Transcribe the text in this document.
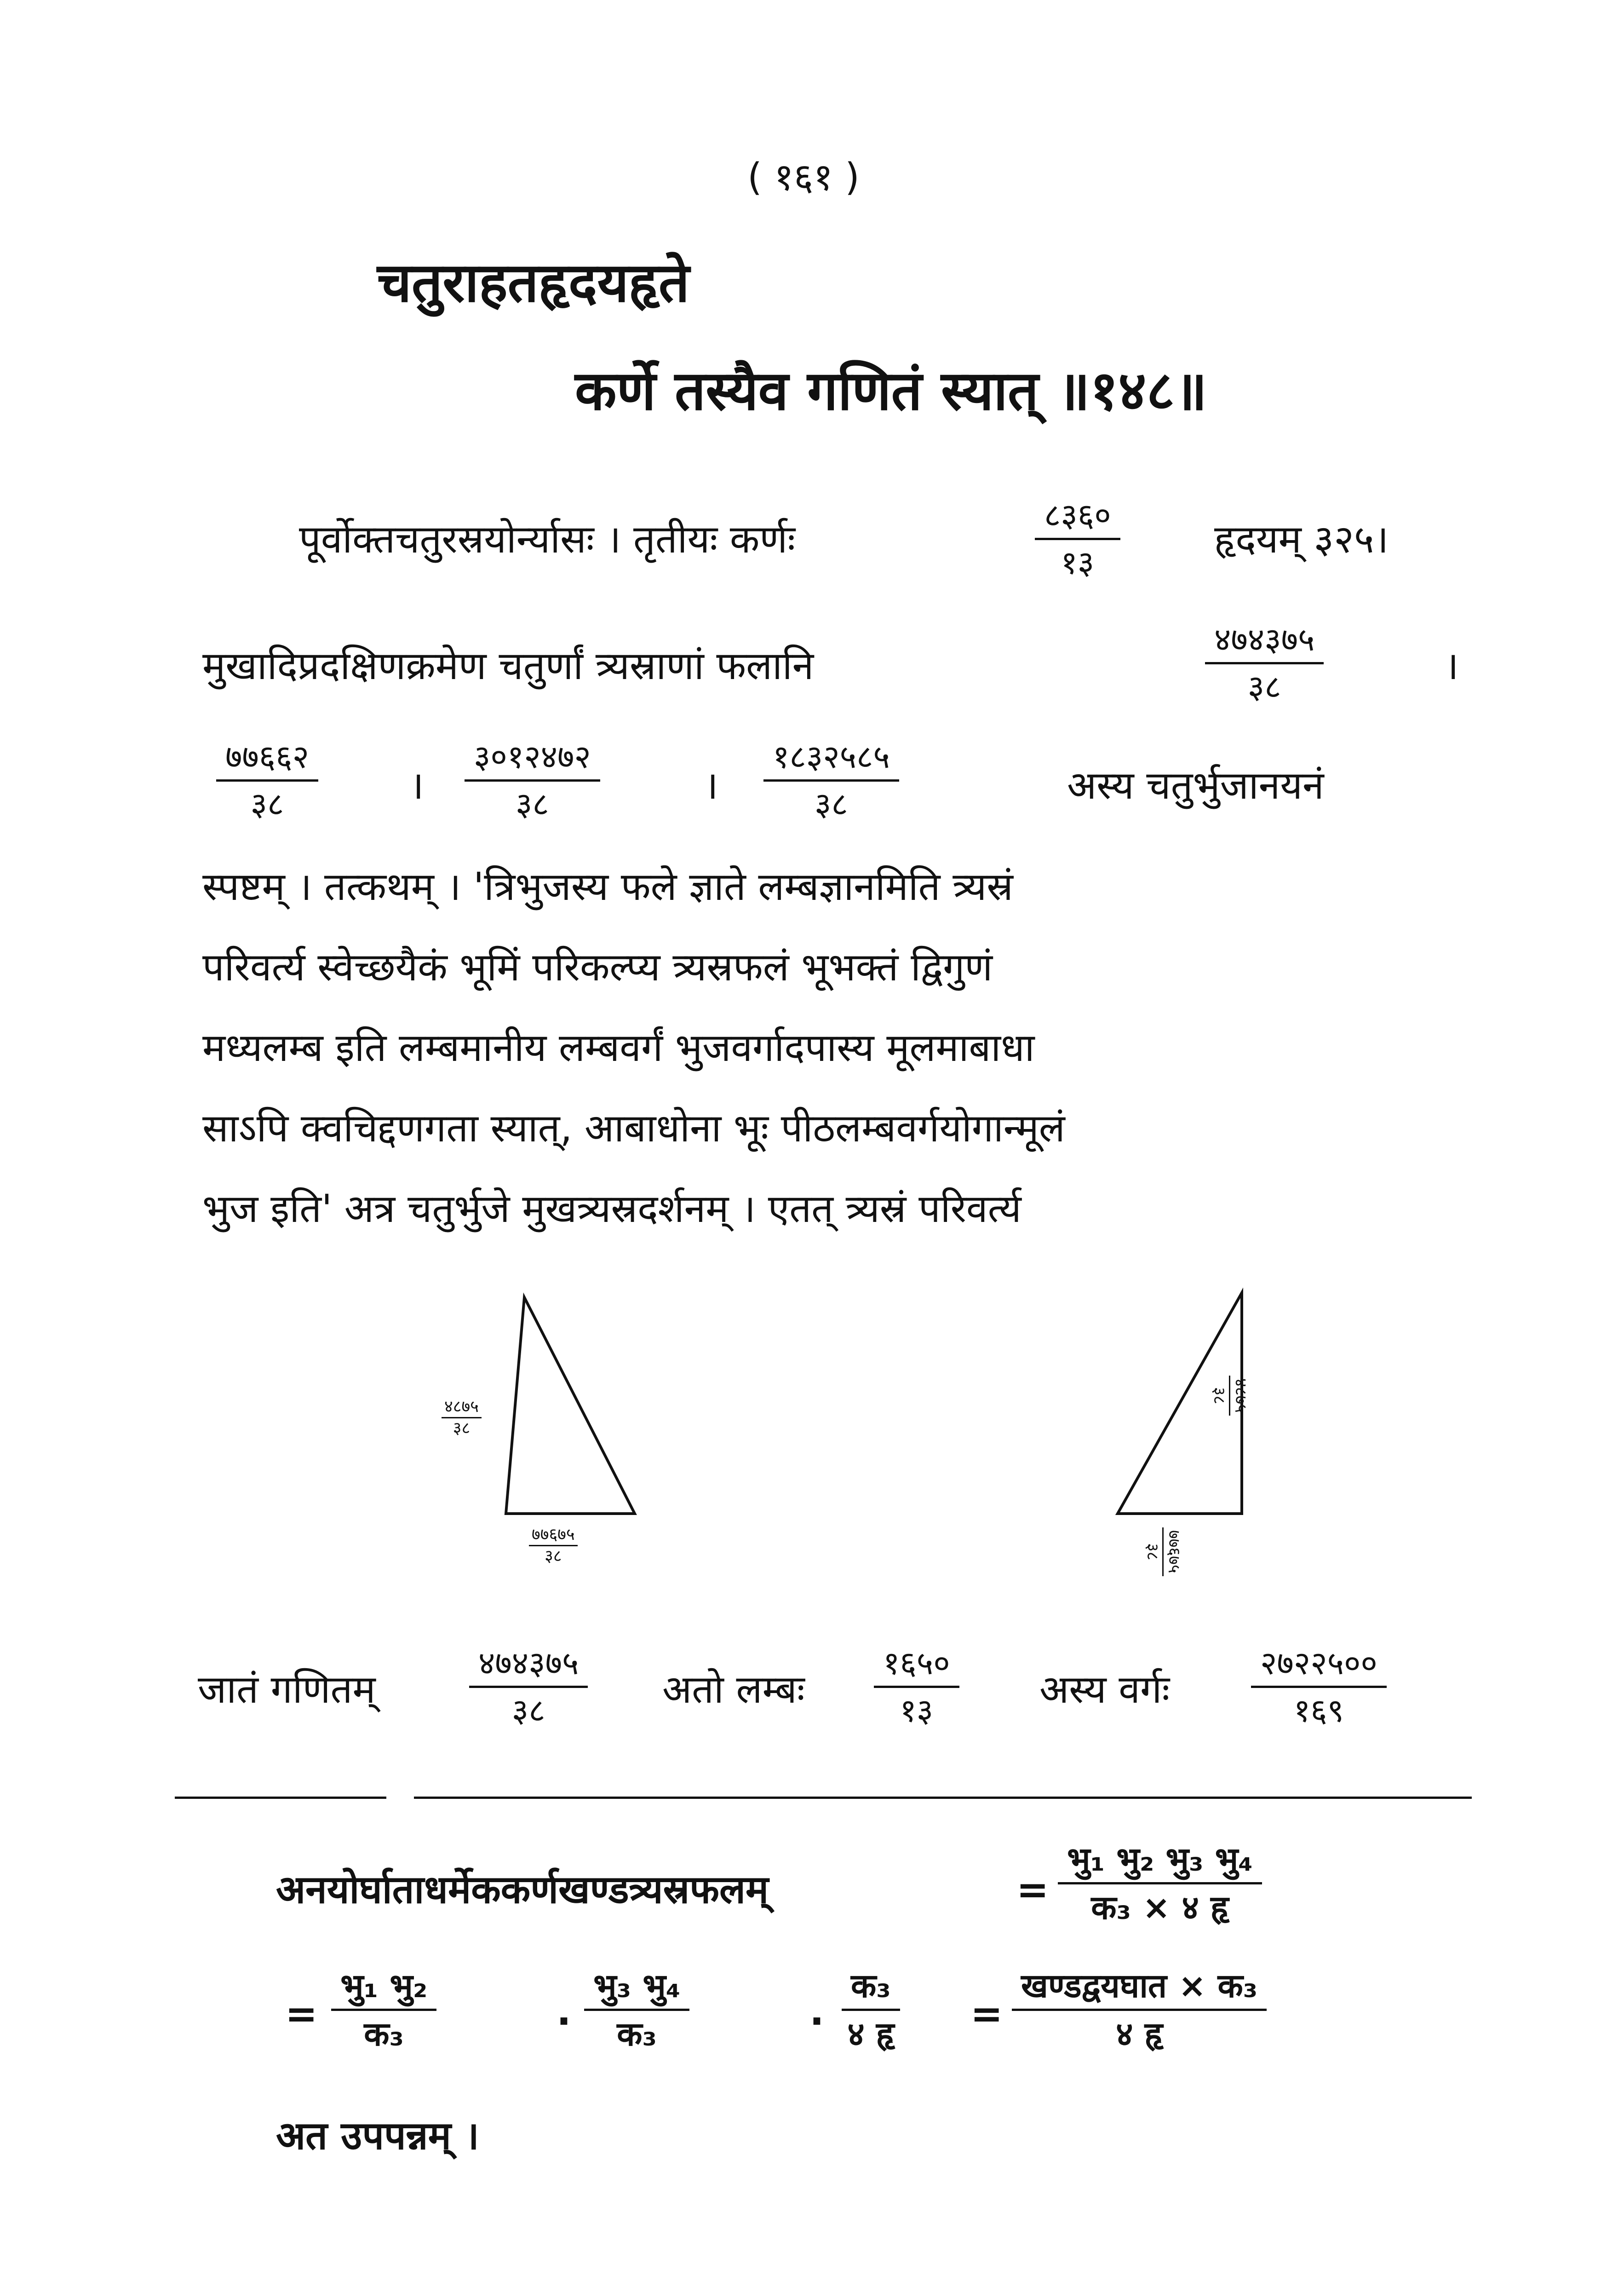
( १६१ )
चतुराहतहृदयहृते
कर्णे तस्यैव गणितं स्यात् ॥१४८॥
पूर्वोक्तचतुरस्रयोर्न्यासः । तृतीयः कर्णः
८३६०
१३
हृदयम् ३२५।
मुखादिप्रदक्षिणक्रमेण चतुर्णां त्र्यस्राणां फलानि
४७४३७५
३८	।
७७६६२
३८	।
३०१२४७२
३८	।
१८३२५८५
३८	अस्य चतुर्भुजानयनं
स्पष्टम् । तत्कथम् । 'त्रिभुजस्य फले ज्ञाते लम्बज्ञानमिति त्र्यस्रं
परिवर्त्य स्वेच्छयैकं भूमिं परिकल्प्य त्र्यस्रफलं भूभक्तं द्विगुणं
मध्यलम्ब इति लम्बमानीय लम्बवर्गं भुजवर्गादपास्य मूलमाबाधा
साऽपि क्वचिद्दणगता स्यात्, आबाधोना भूः पीठलम्बवर्गयोगान्मूलं
भुज इति' अत्र चतुर्भुजे मुखत्र्यस्रदर्शनम् । एतत् त्र्यस्रं परिवर्त्य
४८७५
३८
७७६७५
३८
४८७५
३८
७७६७५
३८
जातं गणितम्
४७४३७५
३८	अतो लम्बः
१६५०
१३	अस्य वर्गः
२७२२५००
१६९
अनयोर्घाताधर्मेककर्णखण्डत्र्यस्रफलम्	=
भु₁ भु₂ भु₃ भु₄
क₃ × ४ हृ
=
भु₁ भु₂
क₃	.
भु₃ भु₄
क₃	.
क₃
४ हृ =
खण्डद्वयघात × क₃
४ हृ
अत उपपन्नम् ।
